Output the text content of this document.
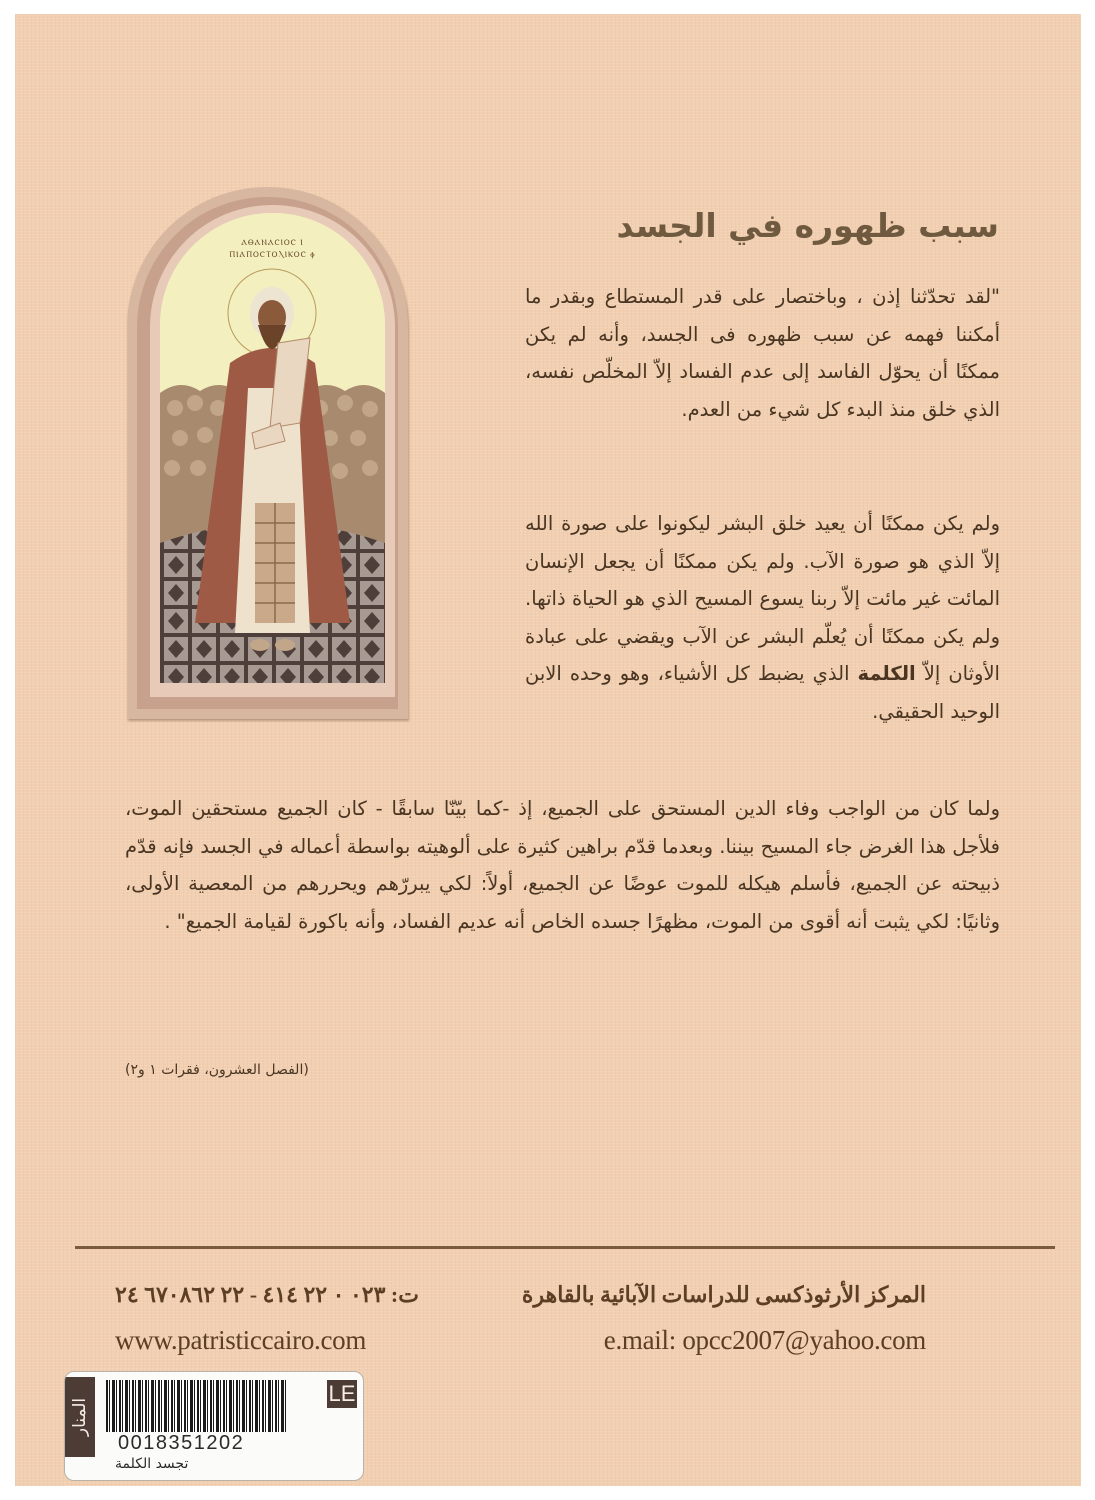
ⲀⲐⲀⲚⲀⲤⲒⲞⲤ Ⲓ
ⲠⲒⲀⲠⲞⲤⲦⲞⲖⲒⲔⲞⲤ ⲫ
سبب ظهوره في الجسد
"لقد تحدّثنا إذن ، وباختصار على قدر المستطاع وبقدر ما أمكننا فهمه عن سبب ظهوره فى الجسد، وأنه لم يكن ممكنًا أن يحوّل الفاسد إلى عدم الفساد إلاّ المخلّص نفسه، الذي خلق منذ البدء كل شيء من العدم.
ولم يكن ممكنًا أن يعيد خلق البشر ليكونوا على صورة الله إلاّ الذي هو صورة الآب. ولم يكن ممكنًا أن يجعل الإنسان المائت غير مائت إلاّ ربنا يسوع المسيح الذي هو الحياة ذاتها. ولم يكن ممكنًا أن يُعلّم البشر عن الآب ويقضي على عبادة الأوثان إلاّ الكلمة الذي يضبط كل الأشياء، وهو وحده الابن الوحيد الحقيقي.
ولما كان من الواجب وفاء الدين المستحق على الجميع، إذ -كما بيّنّا سابقًا - كان الجميع مستحقين الموت، فلأجل هذا الغرض جاء المسيح بيننا. وبعدما قدّم براهين كثيرة على ألوهيته بواسطة أعماله في الجسد فإنه قدّم ذبيحته عن الجميع، فأسلم هيكله للموت عوضًا عن الجميع، أولاً: لكي يبررّهم ويحررهم من المعصية الأولى، وثانيًا: لكي يثبت أنه أقوى من الموت، مظهرًا جسده الخاص أنه عديم الفساد، وأنه باكورة لقيامة الجميع" .
(الفصل العشرون، فقرات ١ و٢)
المركز الأرثوذكسى للدراسات الآبائية بالقاهرة
ت: ٠٢٣ ٠ ٢٢ ٤١٤ - ٢٢ ٦٧٠٨٦٢ ٢٤
e.mail: opcc2007@yahoo.com
www.patristiccairo.com
المنار
0018351202
تجسد الكلمة
LE
